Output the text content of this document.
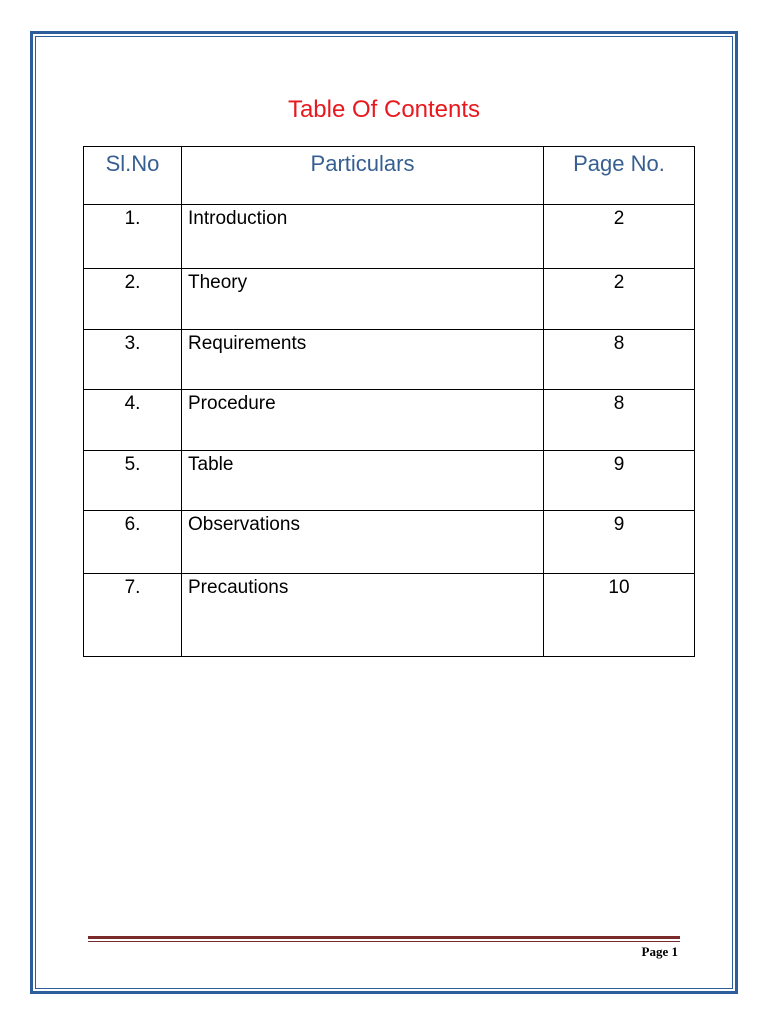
Table Of Contents
Sl.No	Particulars	Page No.
1.	Introduction	2
2.	Theory	2
3.	Requirements	8
4.	Procedure	8
5.	Table	9
6.	Observations	9
7.	Precautions	10
Page 1
